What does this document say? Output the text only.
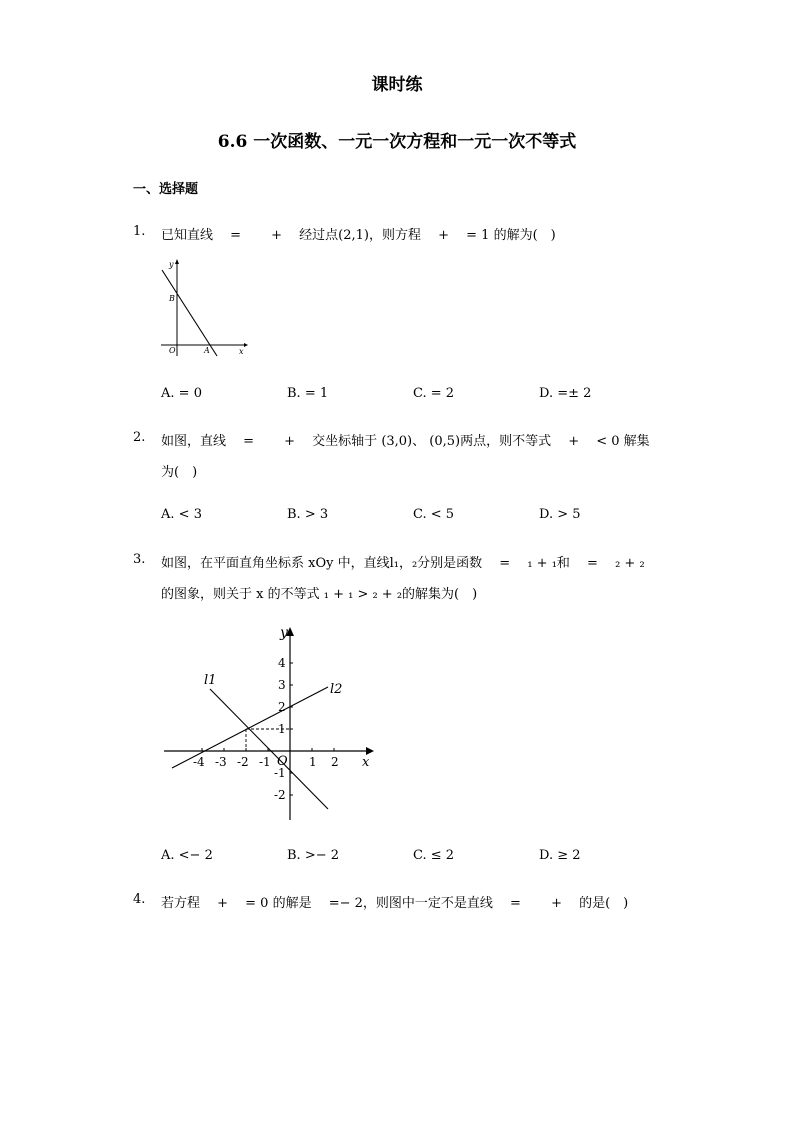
课时练
6.6 一次函数、一元一次方程和一元一次不等式
一、选择题
1. 已知直线 　=　 　+　 经过点(2,1)，则方程 　+　 = 1 的解为(　)
y
x
O	A
B
A. = 0	B. = 1	C. = 2	D. =± 2
2. 如图，直线 　=　 　+　 交坐标轴于 (3,0)、 (0,5)两点，则不等式 　+　 < 0 解集
为(　)
A. < 3	B. > 3	C. < 5	D. > 5
3. 如图，在平面直角坐标系 xOy 中，直线l₁，₂分别是函数 　= 　₁ + ₁和 　= 　₂ + ₂
的图象，则关于 x 的不等式 ₁ + ₁ > ₂ + ₂的解集为(　)
y
x
O
l1
l2
-4 -3 -2 -1	1 2
4
3
2
1
-1
-2
A. <− 2	B. >− 2	C. ≤ 2	D. ≥ 2
4. 若方程 　+　 = 0 的解是 　=− 2，则图中一定不是直线 　=　 　+　 的是(　)
